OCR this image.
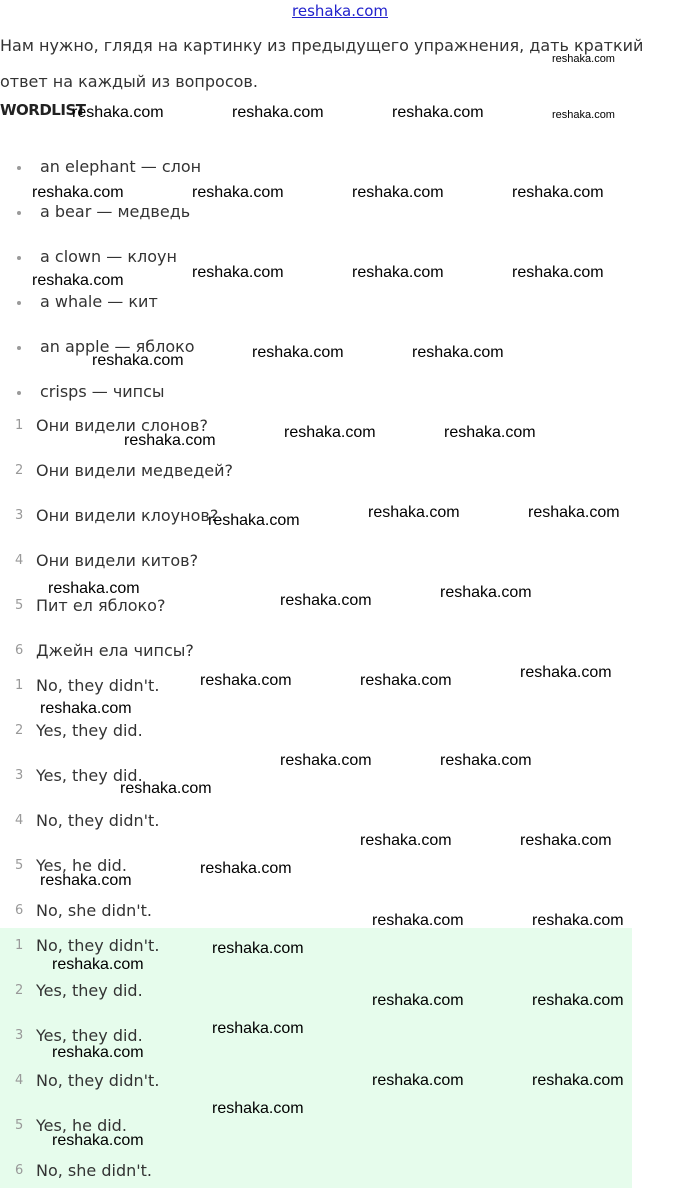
reshaka.com

Нам нужно, глядя на картинку из предыдущего упражнения, дать краткий ответ на каждый из вопросов.

WORDLIST
an elephant — слон
a bear — медведь
a clown — клоун
a whale — кит
an apple — яблоко
crisps — чипсы
1 Они видели слонов?
2 Они видели медведей?
3 Они видели клоунов?
4 Они видели китов?
5 Пит ел яблоко?
6 Джейн ела чипсы?
1 No, they didn't.
2 Yes, they did.
3 Yes, they did.
4 No, they didn't.
5 Yes, he did.
6 No, she didn't.
1 No, they didn't.
2 Yes, they did.
3 Yes, they did.
4 No, they didn't.
5 Yes, he did.
6 No, she didn't.
reshaka.com
reshaka.com	reshaka.com	reshaka.com	reshaka.com
reshaka.com	reshaka.com	reshaka.com	reshaka.com
reshaka.com	reshaka.com	reshaka.com	reshaka.com
reshaka.com	reshaka.com	reshaka.com
reshaka.com	reshaka.com	reshaka.com
reshaka.com	reshaka.com	reshaka.com
reshaka.com
reshaka.com	reshaka.com
reshaka.com	reshaka.com	reshaka.com
reshaka.com
reshaka.com	reshaka.com
reshaka.com
reshaka.com	reshaka.com
reshaka.com
reshaka.com
reshaka.com	reshaka.com
reshaka.com
reshaka.com
reshaka.com	reshaka.com
reshaka.com
reshaka.com
reshaka.com	reshaka.com
reshaka.com
reshaka.com
